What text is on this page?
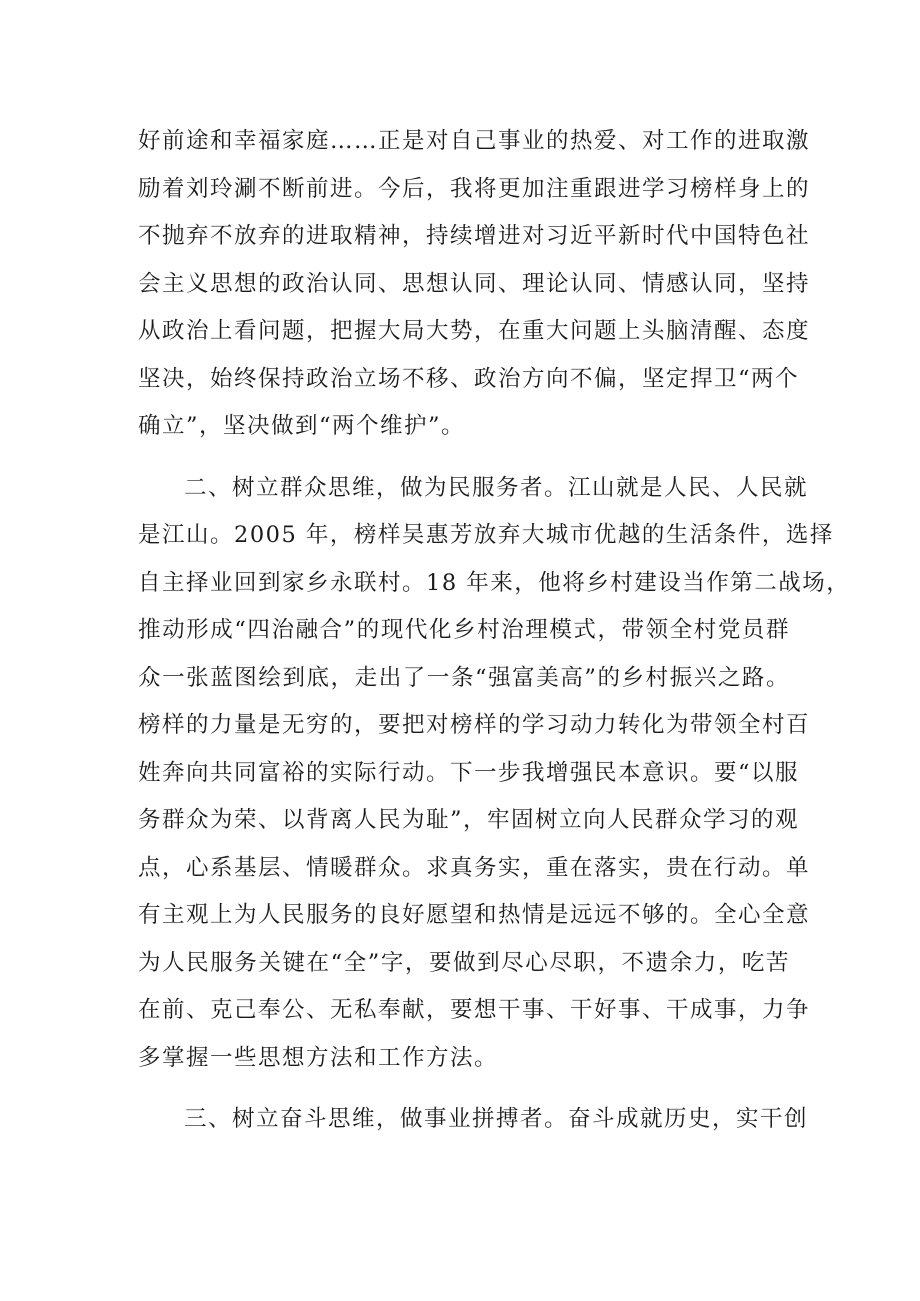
好前途和幸福家庭……正是对自己事业的热爱、对工作的进取激
励着刘玲涮不断前进。今后，我将更加注重跟进学习榜样身上的
不抛弃不放弃的进取精神，持续增进对习近平新时代中国特色社
会主义思想的政治认同、思想认同、理论认同、情感认同，坚持
从政治上看问题，把握大局大势，在重大问题上头脑清醒、态度
坚决，始终保持政治立场不移、政治方向不偏，坚定捍卫“两个
确立”，坚决做到“两个维护”。
二、树立群众思维，做为民服务者。江山就是人民、人民就
是江山。2005 年，榜样吴惠芳放弃大城市优越的生活条件，选择
自主择业回到家乡永联村。18 年来，他将乡村建设当作第二战场，
推动形成“四治融合”的现代化乡村治理模式，带领全村党员群
众一张蓝图绘到底，走出了一条“强富美高”的乡村振兴之路。
榜样的力量是无穷的，要把对榜样的学习动力转化为带领全村百
姓奔向共同富裕的实际行动。下一步我增强民本意识。要“以服
务群众为荣、以背离人民为耻”，牢固树立向人民群众学习的观
点，心系基层、情暖群众。求真务实，重在落实，贵在行动。单
有主观上为人民服务的良好愿望和热情是远远不够的。全心全意
为人民服务关键在“全”字，要做到尽心尽职，不遗余力，吃苦
在前、克己奉公、无私奉献，要想干事、干好事、干成事，力争
多掌握一些思想方法和工作方法。
三、树立奋斗思维，做事业拼搏者。奋斗成就历史，实干创
